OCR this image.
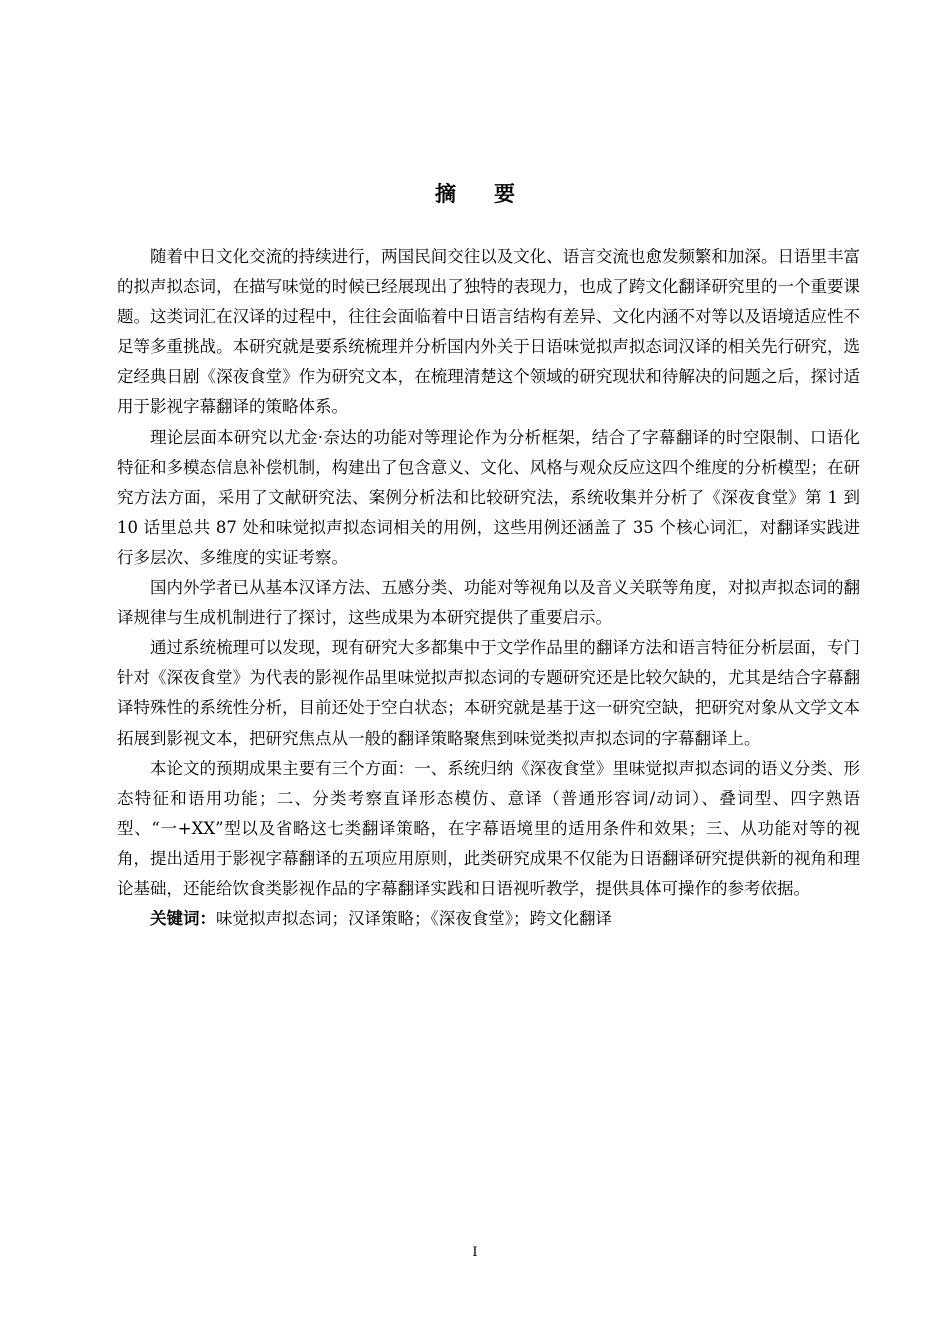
摘要

随着中日文化交流的持续进行，两国民间交往以及文化、语言交流也愈发频繁和加深。日语里丰富的拟声拟态词，在描写味觉的时候已经展现出了独特的表现力，也成了跨文化翻译研究里的一个重要课题。这类词汇在汉译的过程中，往往会面临着中日语言结构有差异、文化内涵不对等以及语境适应性不足等多重挑战。本研究就是要系统梳理并分析国内外关于日语味觉拟声拟态词汉译的相关先行研究，选定经典日剧《深夜食堂》作为研究文本，在梳理清楚这个领域的研究现状和待解决的问题之后，探讨适用于影视字幕翻译的策略体系。

理论层面本研究以尤金·奈达的功能对等理论作为分析框架，结合了字幕翻译的时空限制、口语化特征和多模态信息补偿机制，构建出了包含意义、文化、风格与观众反应这四个维度的分析模型；在研究方法方面，采用了文献研究法、案例分析法和比较研究法，系统收集并分析了《深夜食堂》第 1 到 10 话里总共 87 处和味觉拟声拟态词相关的用例，这些用例还涵盖了 35 个核心词汇，对翻译实践进行多层次、多维度的实证考察。

国内外学者已从基本汉译方法、五感分类、功能对等视角以及音义关联等角度，对拟声拟态词的翻译规律与生成机制进行了探讨，这些成果为本研究提供了重要启示。

通过系统梳理可以发现，现有研究大多都集中于文学作品里的翻译方法和语言特征分析层面，专门针对《深夜食堂》为代表的影视作品里味觉拟声拟态词的专题研究还是比较欠缺的，尤其是结合字幕翻译特殊性的系统性分析，目前还处于空白状态；本研究就是基于这一研究空缺，把研究对象从文学文本拓展到影视文本，把研究焦点从一般的翻译策略聚焦到味觉类拟声拟态词的字幕翻译上。

本论文的预期成果主要有三个方面：一、系统归纳《深夜食堂》里味觉拟声拟态词的语义分类、形态特征和语用功能；二、分类考察直译形态模仿、意译（普通形容词/动词）、叠词型、四字熟语型、“一+XX”型以及省略这七类翻译策略，在字幕语境里的适用条件和效果；三、从功能对等的视角，提出适用于影视字幕翻译的五项应用原则，此类研究成果不仅能为日语翻译研究提供新的视角和理论基础，还能给饮食类影视作品的字幕翻译实践和日语视听教学，提供具体可操作的参考依据。

关键词：味觉拟声拟态词；汉译策略；《深夜食堂》；跨文化翻译

I
